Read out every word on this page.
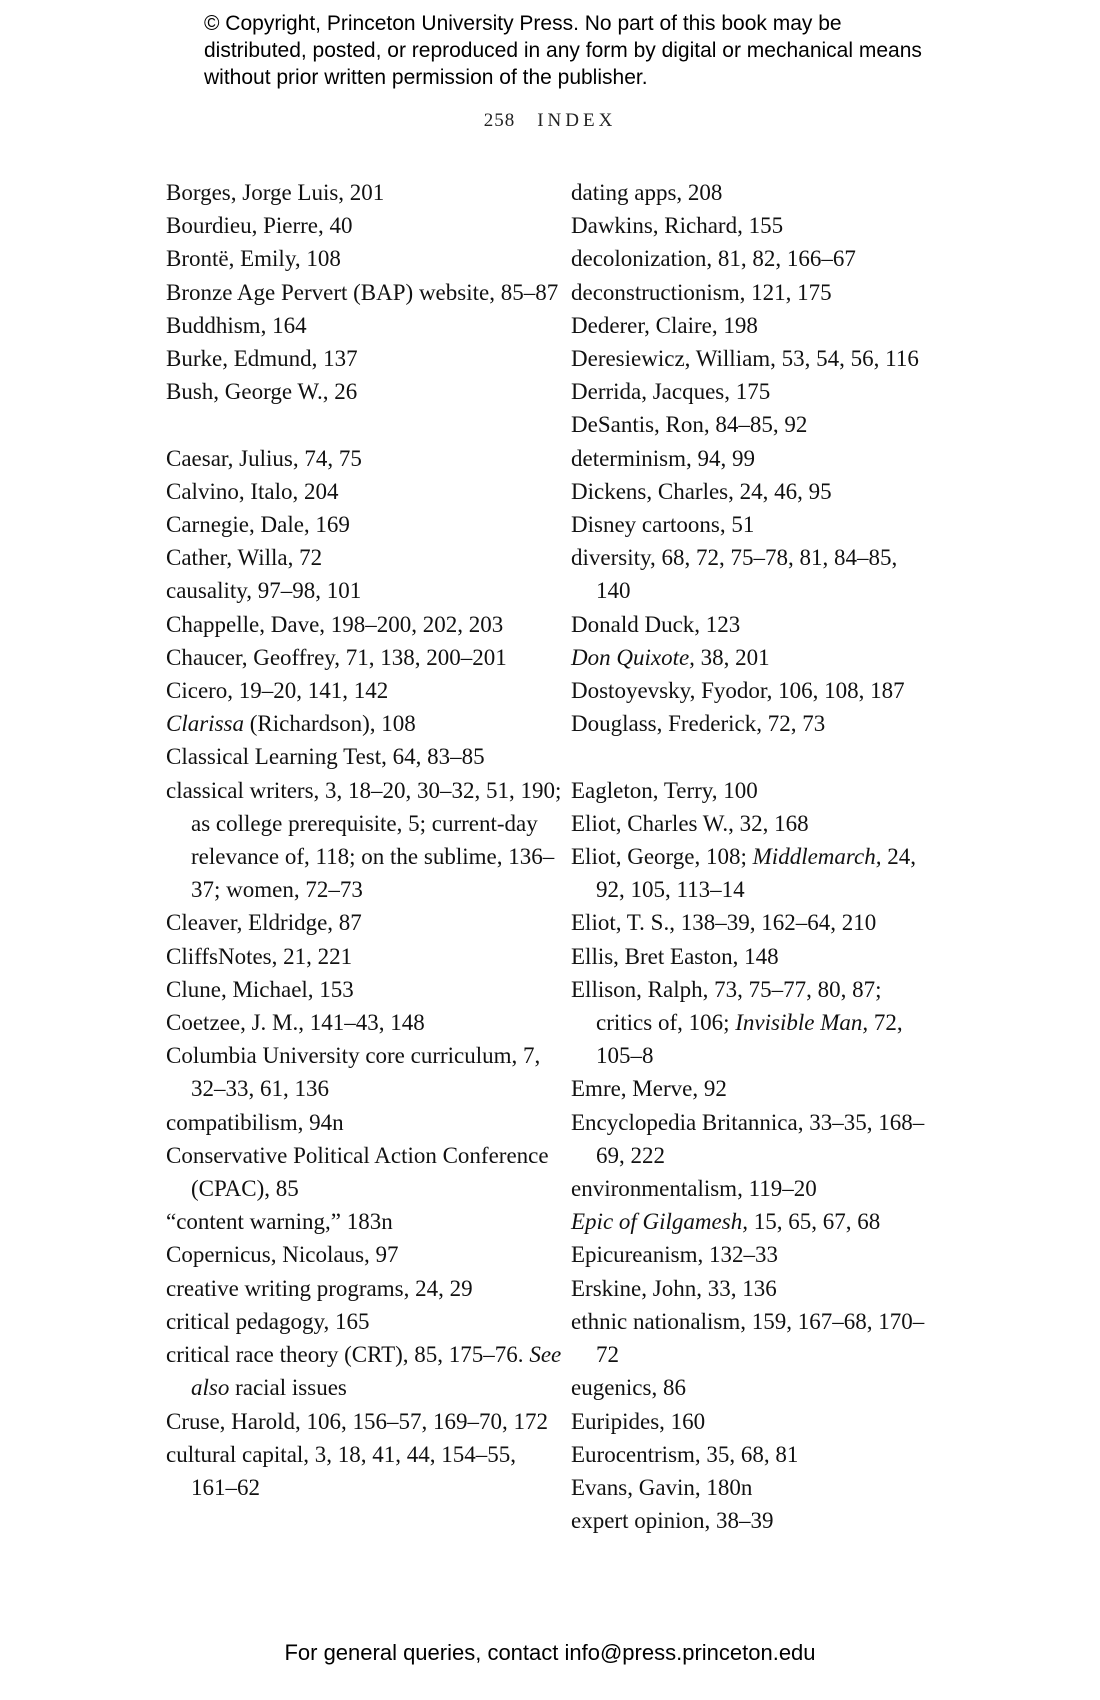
© Copyright, Princeton University Press. No part of this book may be distributed, posted, or reproduced in any form by digital or mechanical means without prior written permission of the publisher.
258 INDEX
Borges, Jorge Luis, 201
Bourdieu, Pierre, 40
Brontë, Emily, 108
Bronze Age Pervert (BAP) website, 85–87
Buddhism, 164
Burke, Edmund, 137
Bush, George W., 26
Caesar, Julius, 74, 75
Calvino, Italo, 204
Carnegie, Dale, 169
Cather, Willa, 72
causality, 97–98, 101
Chappelle, Dave, 198–200, 202, 203
Chaucer, Geoffrey, 71, 138, 200–201
Cicero, 19–20, 141, 142
Clarissa (Richardson), 108
Classical Learning Test, 64, 83–85
classical writers, 3, 18–20, 30–32, 51, 190; as college prerequisite, 5; current-day relevance of, 118; on the sublime, 136–37; women, 72–73
Cleaver, Eldridge, 87
CliffsNotes, 21, 221
Clune, Michael, 153
Coetzee, J. M., 141–43, 148
Columbia University core curriculum, 7, 32–33, 61, 136
compatibilism, 94n
Conservative Political Action Conference (CPAC), 85
“content warning,” 183n
Copernicus, Nicolaus, 97
creative writing programs, 24, 29
critical pedagogy, 165
critical race theory (CRT), 85, 175–76. See also racial issues
Cruse, Harold, 106, 156–57, 169–70, 172
cultural capital, 3, 18, 41, 44, 154–55, 161–62
dating apps, 208
Dawkins, Richard, 155
decolonization, 81, 82, 166–67
deconstructionism, 121, 175
Dederer, Claire, 198
Deresiewicz, William, 53, 54, 56, 116
Derrida, Jacques, 175
DeSantis, Ron, 84–85, 92
determinism, 94, 99
Dickens, Charles, 24, 46, 95
Disney cartoons, 51
diversity, 68, 72, 75–78, 81, 84–85, 140
Donald Duck, 123
Don Quixote, 38, 201
Dostoyevsky, Fyodor, 106, 108, 187
Douglass, Frederick, 72, 73
Eagleton, Terry, 100
Eliot, Charles W., 32, 168
Eliot, George, 108; Middlemarch, 24, 92, 105, 113–14
Eliot, T. S., 138–39, 162–64, 210
Ellis, Bret Easton, 148
Ellison, Ralph, 73, 75–77, 80, 87; critics of, 106; Invisible Man, 72, 105–8
Emre, Merve, 92
Encyclopedia Britannica, 33–35, 168–69, 222
environmentalism, 119–20
Epic of Gilgamesh, 15, 65, 67, 68
Epicureanism, 132–33
Erskine, John, 33, 136
ethnic nationalism, 159, 167–68, 170–72
eugenics, 86
Euripides, 160
Eurocentrism, 35, 68, 81
Evans, Gavin, 180n
expert opinion, 38–39
For general queries, contact info@press.princeton.edu
